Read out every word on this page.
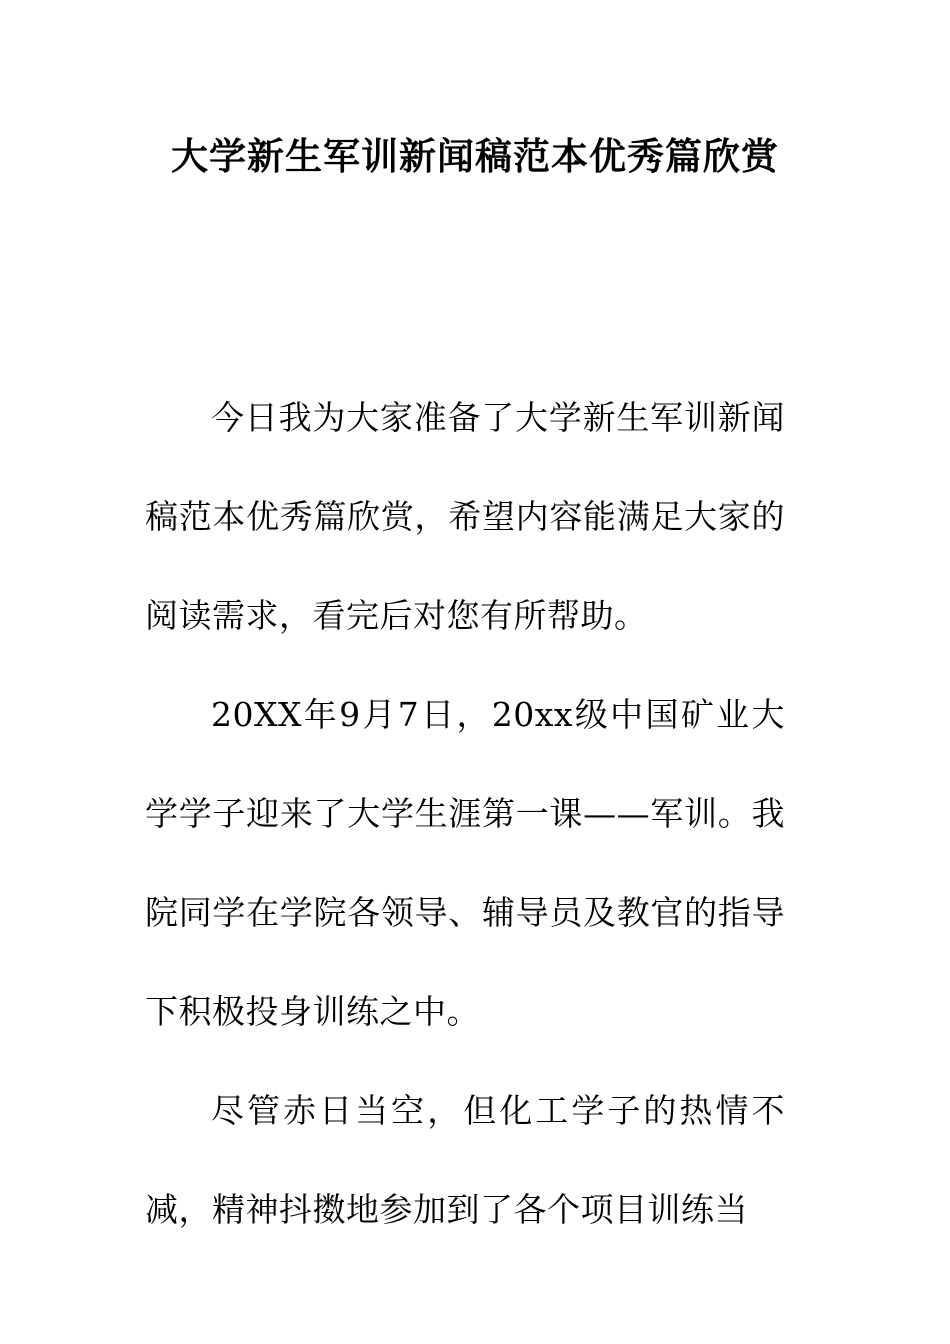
大学新生军训新闻稿范本优秀篇欣赏

今日我为大家准备了大学新生军训新闻稿范本优秀篇欣赏，希望内容能满足大家的阅读需求，看完后对您有所帮助。

20XX年9月7日，20xx级中国矿业大学学子迎来了大学生涯第一课——军训。我院同学在学院各领导、辅导员及教官的指导下积极投身训练之中。

尽管赤日当空，但化工学子的热情不减，精神抖擞地参加到了各个项目训练当
